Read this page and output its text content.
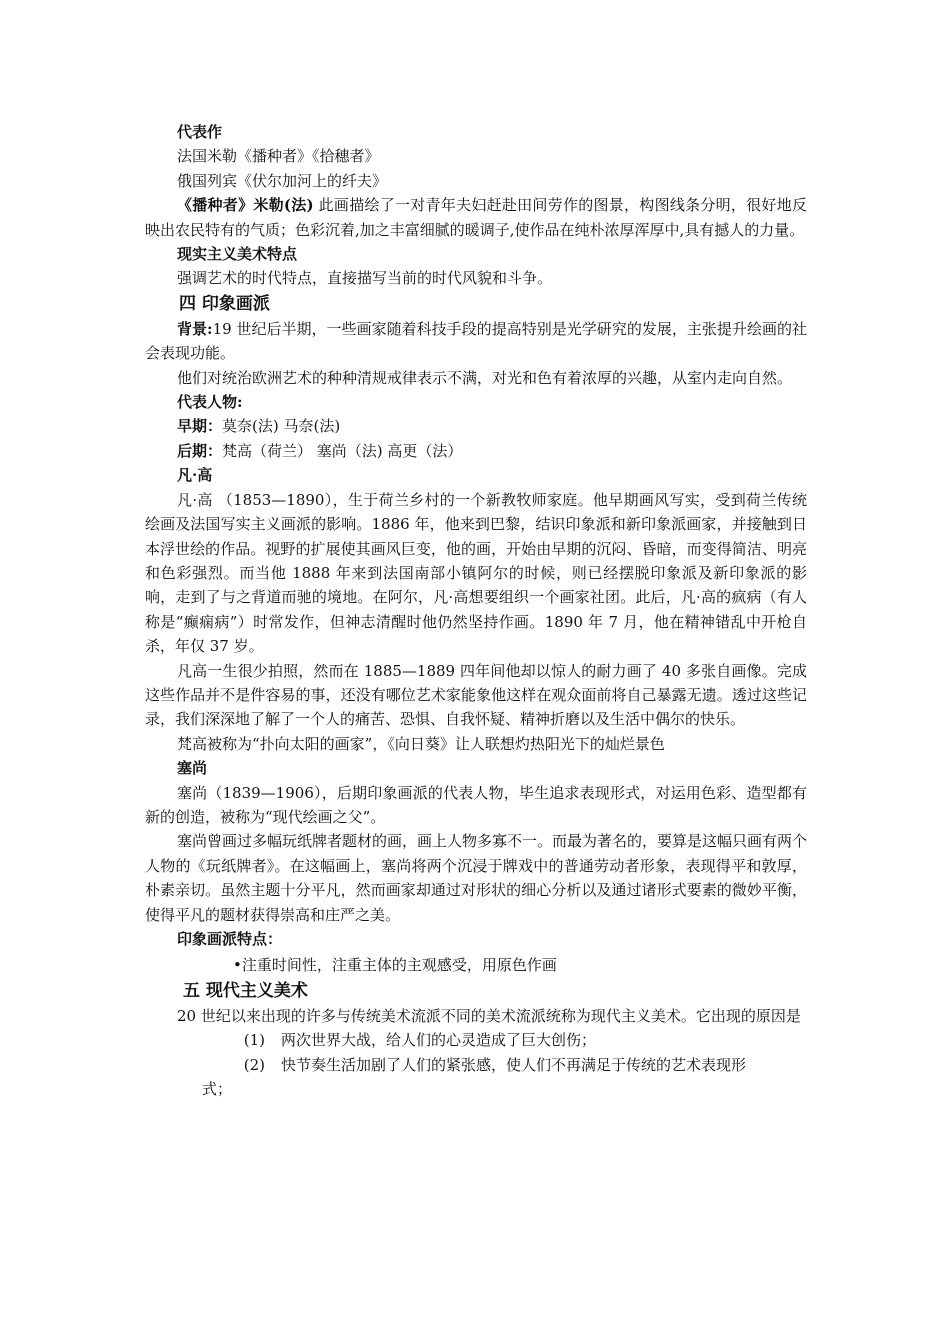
代表作

法国米勒《播种者》《拾穗者》

俄国列宾《伏尔加河上的纤夫》

《播种者》米勒(法) 此画描绘了一对青年夫妇赶赴田间劳作的图景，构图线条分明，很好地反映出农民特有的气质；色彩沉着,加之丰富细腻的暖调子,使作品在纯朴浓厚浑厚中,具有撼人的力量。

现实主义美术特点

强调艺术的时代特点，直接描写当前的时代风貌和斗争。

四 印象画派

背景:19 世纪后半期，一些画家随着科技手段的提高特别是光学研究的发展，主张提升绘画的社会表现功能。

他们对统治欧洲艺术的种种清规戒律表示不满，对光和色有着浓厚的兴趣，从室内走向自然。

代表人物:

早期：莫奈(法) 马奈(法)

后期：梵高（荷兰） 塞尚（法) 高更（法）

凡·高

凡·高 （1853—1890），生于荷兰乡村的一个新教牧师家庭。他早期画风写实，受到荷兰传统绘画及法国写实主义画派的影响。1886 年，他来到巴黎，结识印象派和新印象派画家，并接触到日本浮世绘的作品。视野的扩展使其画风巨变，他的画，开始由早期的沉闷、昏暗，而变得简洁、明亮和色彩强烈。而当他 1888 年来到法国南部小镇阿尔的时候，则已经摆脱印象派及新印象派的影响，走到了与之背道而驰的境地。在阿尔，凡·高想要组织一个画家社团。此后，凡·高的疯病（有人称是“癫痫病”）时常发作，但神志清醒时他仍然坚持作画。1890 年 7 月，他在精神错乱中开枪自杀，年仅 37 岁。

凡高一生很少拍照，然而在 1885—1889 四年间他却以惊人的耐力画了 40 多张自画像。完成这些作品并不是件容易的事，还没有哪位艺术家能象他这样在观众面前将自己暴露无遗。透过这些记录，我们深深地了解了一个人的痛苦、恐惧、自我怀疑、精神折磨以及生活中偶尔的快乐。

梵高被称为“扑向太阳的画家”，《向日葵》让人联想灼热阳光下的灿烂景色

塞尚

塞尚（1839—1906），后期印象画派的代表人物，毕生追求表现形式，对运用色彩、造型都有新的创造，被称为“现代绘画之父”。

塞尚曾画过多幅玩纸牌者题材的画，画上人物多寡不一。而最为著名的，要算是这幅只画有两个人物的《玩纸牌者》。在这幅画上，塞尚将两个沉浸于牌戏中的普通劳动者形象，表现得平和敦厚，朴素亲切。虽然主题十分平凡，然而画家却通过对形状的细心分析以及通过诸形式要素的微妙平衡，使得平凡的题材获得崇高和庄严之美。

印象画派特点：

•注重时间性，注重主体的主观感受，用原色作画

五 现代主义美术

20 世纪以来出现的许多与传统美术流派不同的美术流派统称为现代主义美术。它出现的原因是

(1)	两次世界大战，给人们的心灵造成了巨大创伤；
(2)	快节奏生活加剧了人们的紧张感，使人们不再满足于传统的艺术表现形

式；
